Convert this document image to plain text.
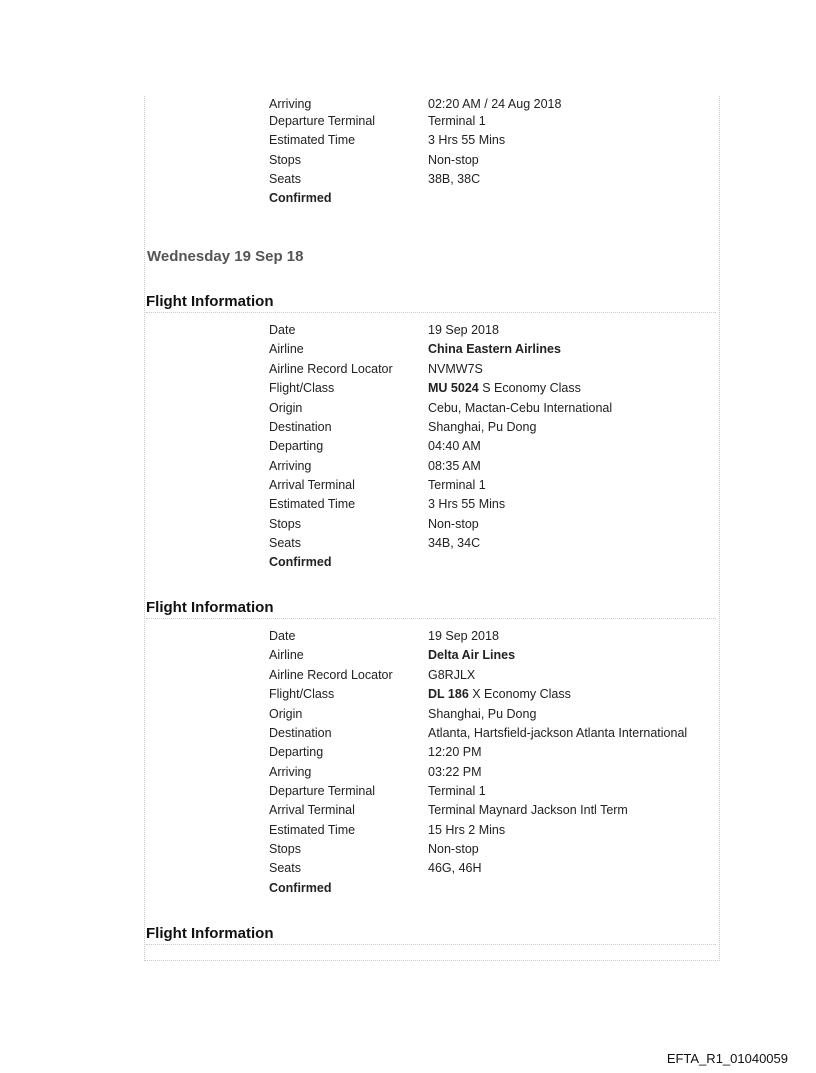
Arriving	02:20 AM / 24 Aug 2018
Departure Terminal	Terminal 1
Estimated Time	3 Hrs 55 Mins
Stops	Non-stop
Seats	38B, 38C
Confirmed
Wednesday 19 Sep 18
Flight Information
Date	19 Sep 2018
Airline	China Eastern Airlines
Airline Record Locator	NVMW7S
Flight/Class	MU 5024 S Economy Class
Origin	Cebu, Mactan-Cebu International
Destination	Shanghai, Pu Dong
Departing	04:40 AM
Arriving	08:35 AM
Arrival Terminal	Terminal 1
Estimated Time	3 Hrs 55 Mins
Stops	Non-stop
Seats	34B, 34C
Confirmed
Flight Information
Date	19 Sep 2018
Airline	Delta Air Lines
Airline Record Locator	G8RJLX
Flight/Class	DL 186 X Economy Class
Origin	Shanghai, Pu Dong
Destination	Atlanta, Hartsfield-jackson Atlanta International
Departing	12:20 PM
Arriving	03:22 PM
Departure Terminal	Terminal 1
Arrival Terminal	Terminal Maynard Jackson Intl Term
Estimated Time	15 Hrs 2 Mins
Stops	Non-stop
Seats	46G, 46H
Confirmed
Flight Information
EFTA_R1_01040059
